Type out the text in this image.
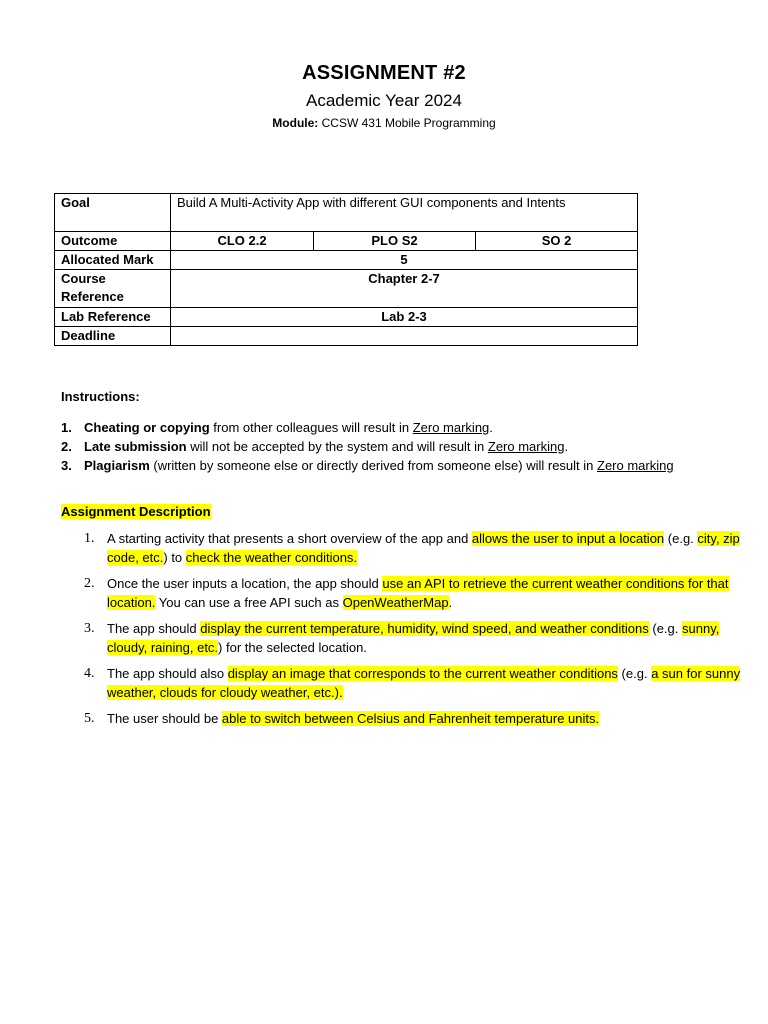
ASSIGNMENT #2
Academic Year 2024
Module: CCSW 431 Mobile Programming
Goal	Build A Multi-Activity App with different GUI components and Intents		
Outcome	CLO 2.2	PLO S2	SO 2
Allocated Mark	5		
Course Reference	Chapter 2-7		
Lab Reference	Lab 2-3		
Deadline			
Instructions:
1. Cheating or copying from other colleagues will result in Zero marking.
2. Late submission will not be accepted by the system and will result in Zero marking.
3. Plagiarism (written by someone else or directly derived from someone else) will result in Zero marking
Assignment Description
1. A starting activity that presents a short overview of the app and allows the user to input a location (e.g. city, zip code, etc.) to check the weather conditions.
2. Once the user inputs a location, the app should use an API to retrieve the current weather conditions for that location. You can use a free API such as OpenWeatherMap.
3. The app should display the current temperature, humidity, wind speed, and weather conditions (e.g. sunny, cloudy, raining, etc.) for the selected location.
4. The app should also display an image that corresponds to the current weather conditions (e.g. a sun for sunny weather, clouds for cloudy weather, etc.).
5. The user should be able to switch between Celsius and Fahrenheit temperature units.
